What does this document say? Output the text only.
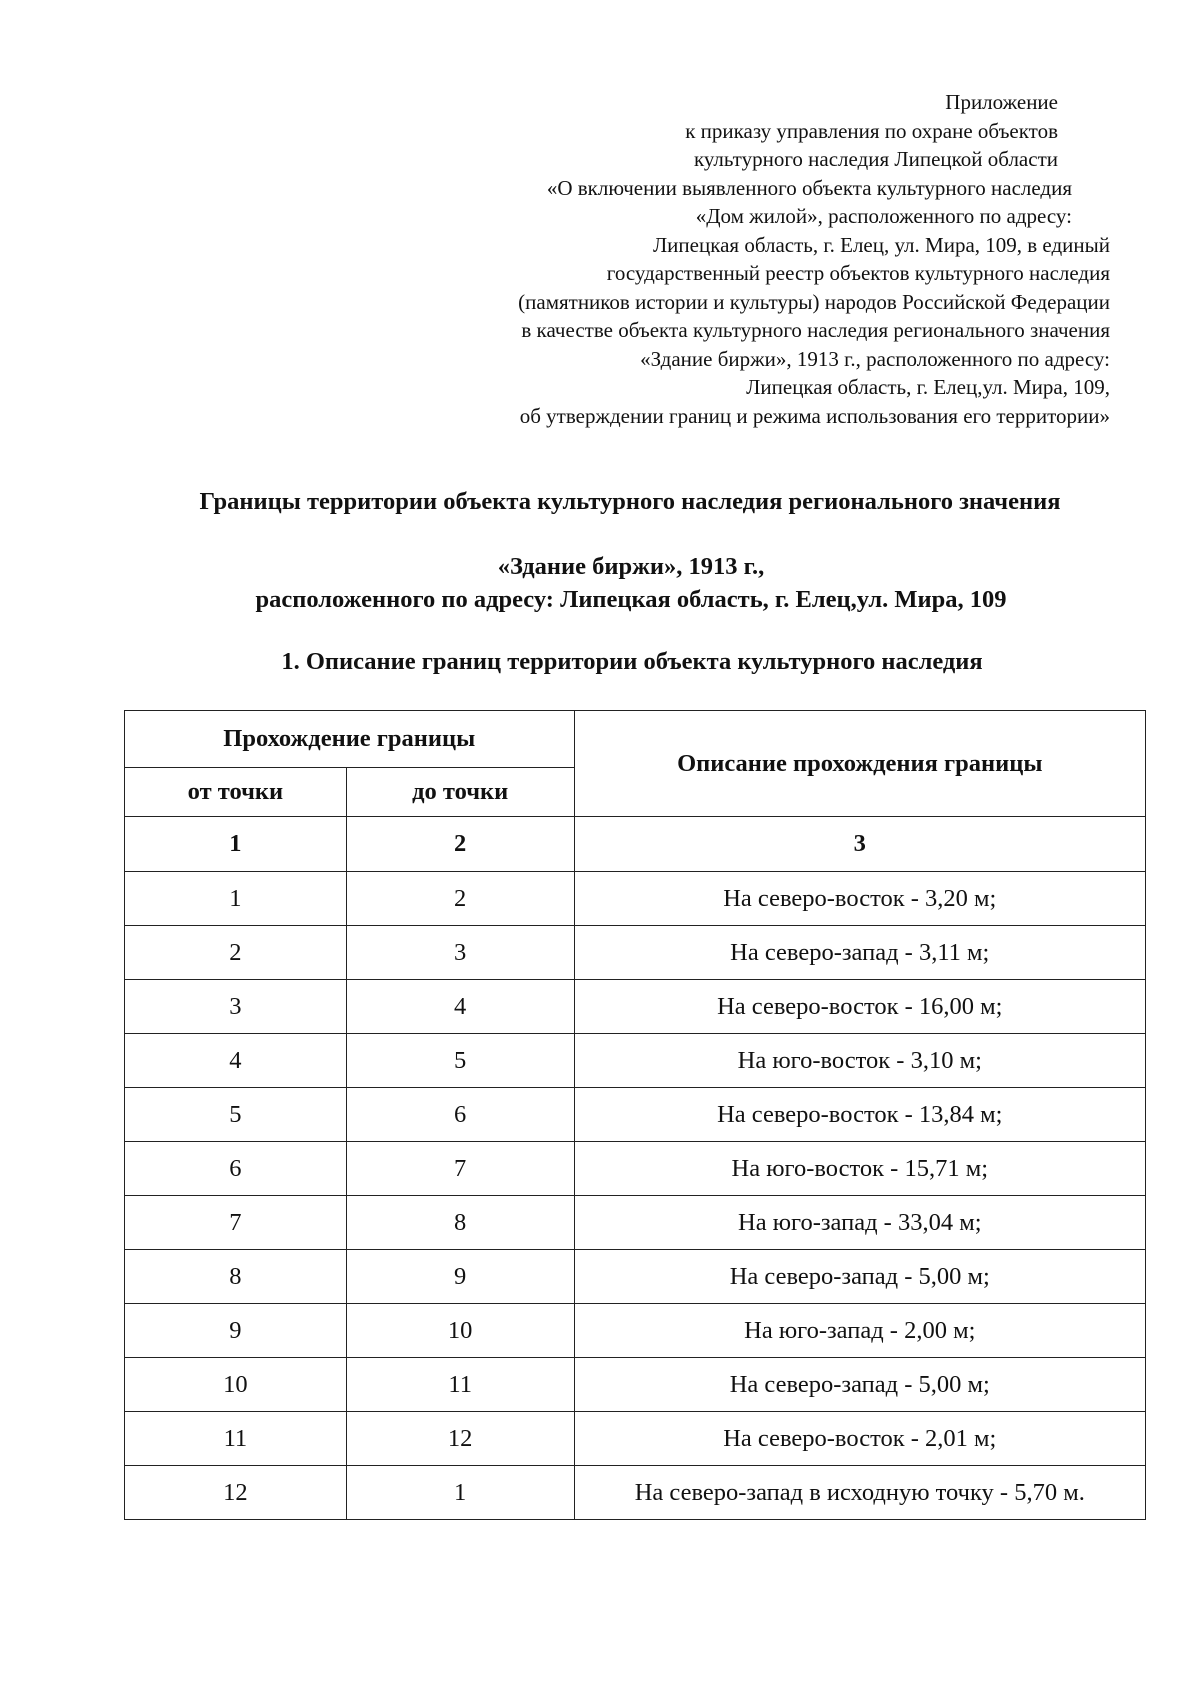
Приложение
к приказу управления по охране объектов
культурного наследия Липецкой области
«О включении выявленного объекта культурного наследия
«Дом жилой», расположенного по адресу:
Липецкая область, г. Елец, ул. Мира, 109, в единый
государственный реестр объектов культурного наследия
(памятников истории и культуры) народов Российской Федерации
в качестве объекта культурного наследия регионального значения
«Здание биржи», 1913 г., расположенного по адресу:
Липецкая область, г. Елец,ул. Мира, 109,
об утверждении границ и режима использования его территории»
Границы территории объекта культурного наследия регионального значения
«Здание биржи», 1913 г.,
расположенного по адресу: Липецкая область, г. Елец,ул. Мира, 109
1. Описание границ территории объекта культурного наследия
Прохождение границы		Описание прохождения границы
от точки	до точки	
1	2	3
1	2	На северо-восток - 3,20 м;
2	3	На северо-запад - 3,11 м;
3	4	На северо-восток - 16,00 м;
4	5	На юго-восток - 3,10 м;
5	6	На северо-восток - 13,84 м;
6	7	На юго-восток - 15,71 м;
7	8	На юго-запад - 33,04 м;
8	9	На северо-запад - 5,00 м;
9	10	На юго-запад - 2,00 м;
10	11	На северо-запад - 5,00 м;
11	12	На северо-восток - 2,01 м;
12	1	На северо-запад в исходную точку - 5,70 м.
